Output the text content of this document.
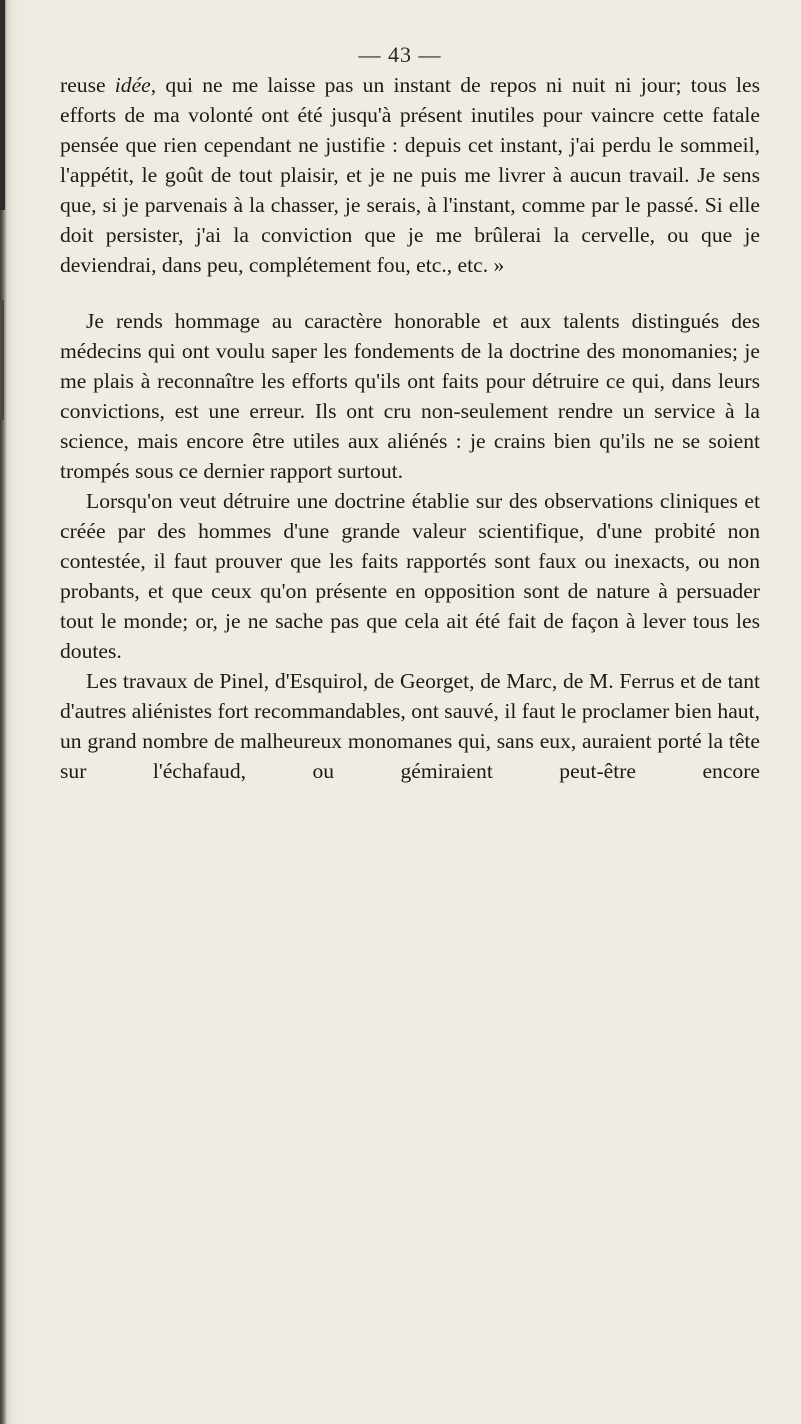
— 43 —

reuse idée, qui ne me laisse pas un instant de repos ni nuit ni jour; tous les efforts de ma volonté ont été jusqu'à présent inutiles pour vaincre cette fatale pensée que rien cependant ne justifie : depuis cet instant, j'ai perdu le sommeil, l'appétit, le goût de tout plaisir, et je ne puis me livrer à aucun travail. Je sens que, si je parvenais à la chasser, je serais, à l'instant, comme par le passé. Si elle doit persister, j'ai la conviction que je me brûlerai la cervelle, ou que je deviendrai, dans peu, complétement fou, etc., etc. »

Je rends hommage au caractère honorable et aux talents distingués des médecins qui ont voulu saper les fondements de la doctrine des monomanies; je me plais à reconnaître les efforts qu'ils ont faits pour détruire ce qui, dans leurs convictions, est une erreur. Ils ont cru non-seulement rendre un service à la science, mais encore être utiles aux aliénés : je crains bien qu'ils ne se soient trompés sous ce dernier rapport surtout.

Lorsqu'on veut détruire une doctrine établie sur des observations cliniques et créée par des hommes d'une grande valeur scientifique, d'une probité non contestée, il faut prouver que les faits rapportés sont faux ou inexacts, ou non probants, et que ceux qu'on présente en opposition sont de nature à persuader tout le monde; or, je ne sache pas que cela ait été fait de façon à lever tous les doutes.

Les travaux de Pinel, d'Esquirol, de Georget, de Marc, de M. Ferrus et de tant d'autres aliénistes fort recommandables, ont sauvé, il faut le proclamer bien haut, un grand nombre de malheureux monomanes qui, sans eux, auraient porté la tête sur l'échafaud, ou gémiraient peut-être encore
